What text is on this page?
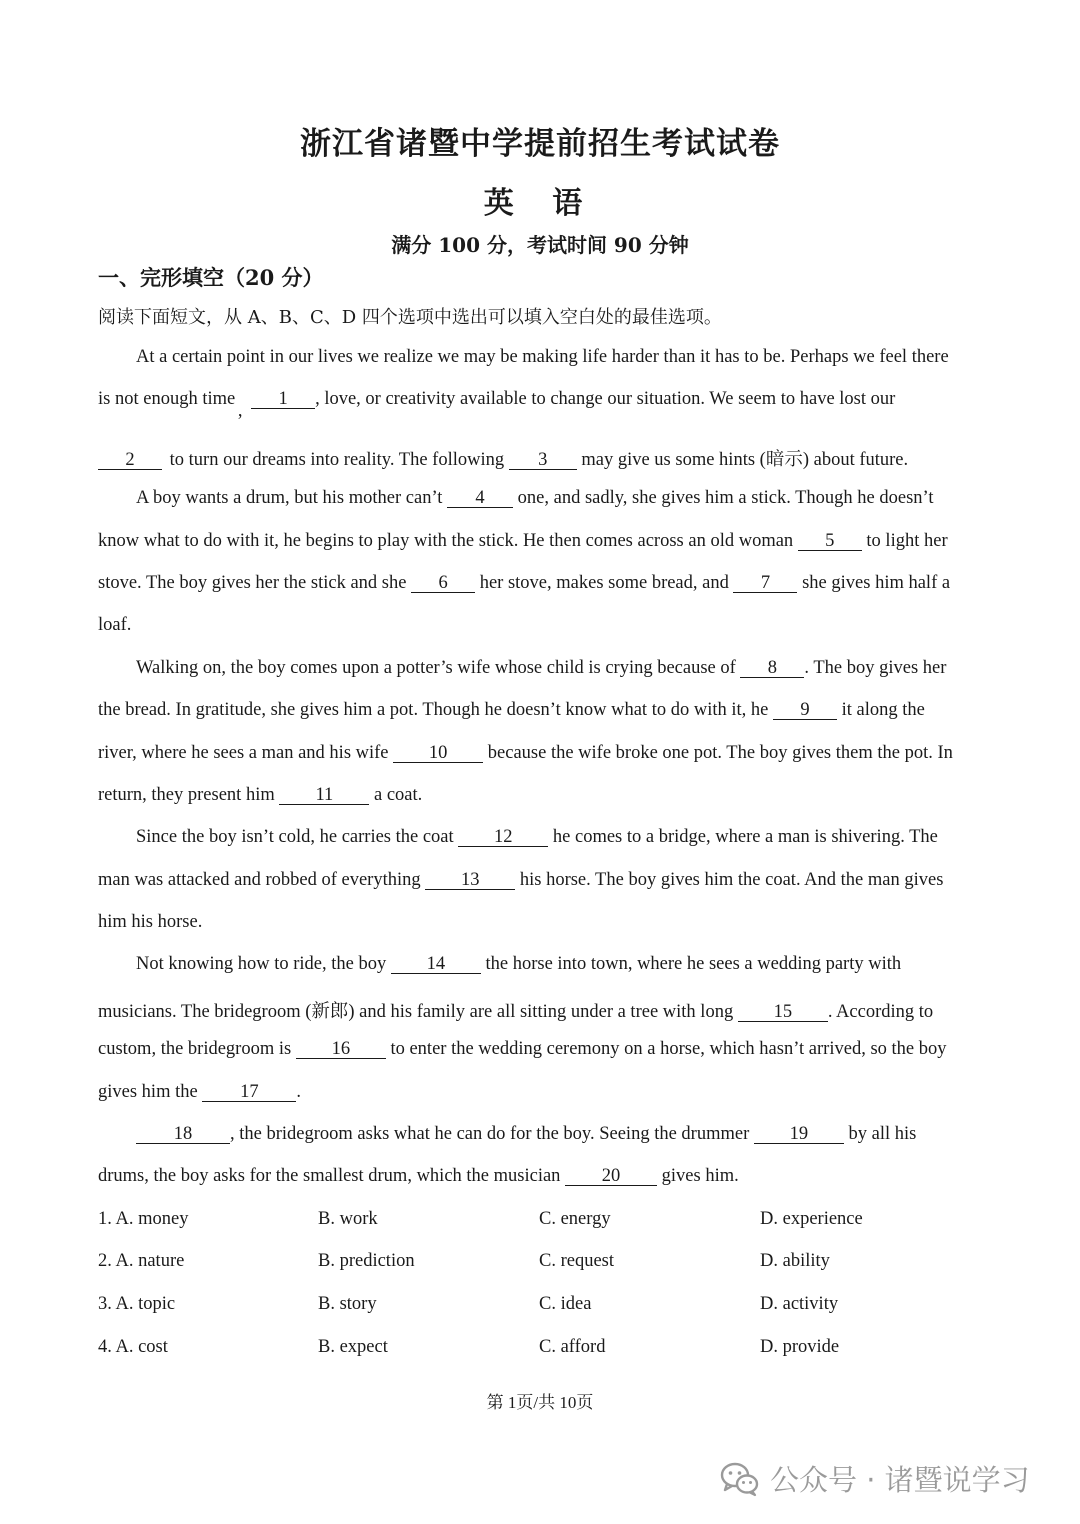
浙江省诸暨中学提前招生考试试卷
英 语
满分 100 分，考试时间 90 分钟
一、完形填空（20 分）
阅读下面短文，从 A、B、C、D 四个选项中选出可以填入空白处的最佳选项。
At a certain point in our lives we realize we may be making life harder than it has to be. Perhaps we feel there
is not enough time , 1 , love, or creativity available to change our situation. We seem to have lost our
2 to turn our dreams into reality. The following 3 may give us some hints (暗示) about future.
A boy wants a drum, but his mother can’t 4 one, and sadly, she gives him a stick. Though he doesn’t
know what to do with it, he begins to play with the stick. He then comes across an old woman 5 to light her
stove. The boy gives her the stick and she 6 her stove, makes some bread, and 7 she gives him half a
loaf.
Walking on, the boy comes upon a potter’s wife whose child is crying because of 8 . The boy gives her
the bread. In gratitude, she gives him a pot. Though he doesn’t know what to do with it, he 9 it along the
river, where he sees a man and his wife 10 because the wife broke one pot. The boy gives them the pot. In
return, they present him 11 a coat.
Since the boy isn’t cold, he carries the coat 12 he comes to a bridge, where a man is shivering. The
man was attacked and robbed of everything 13 his horse. The boy gives him the coat. And the man gives
him his horse.
Not knowing how to ride, the boy 14 the horse into town, where he sees a wedding party with
musicians. The bridegroom (新郎) and his family are all sitting under a tree with long 15 . According to
custom, the bridegroom is 16 to enter the wedding ceremony on a horse, which hasn’t arrived, so the boy
gives him the 17 .
18 , the bridegroom asks what he can do for the boy. Seeing the drummer 19 by all his
drums, the boy asks for the smallest drum, which the musician 20 gives him.
1. A. money	B. work	C. energy	D. experience
2. A. nature	B. prediction	C. request	D. ability
3. A. topic	B. story	C. idea	D. activity
4. A. cost	B. expect	C. afford	D. provide
第 1页/共 10页
公众号 · 诸暨说学习
